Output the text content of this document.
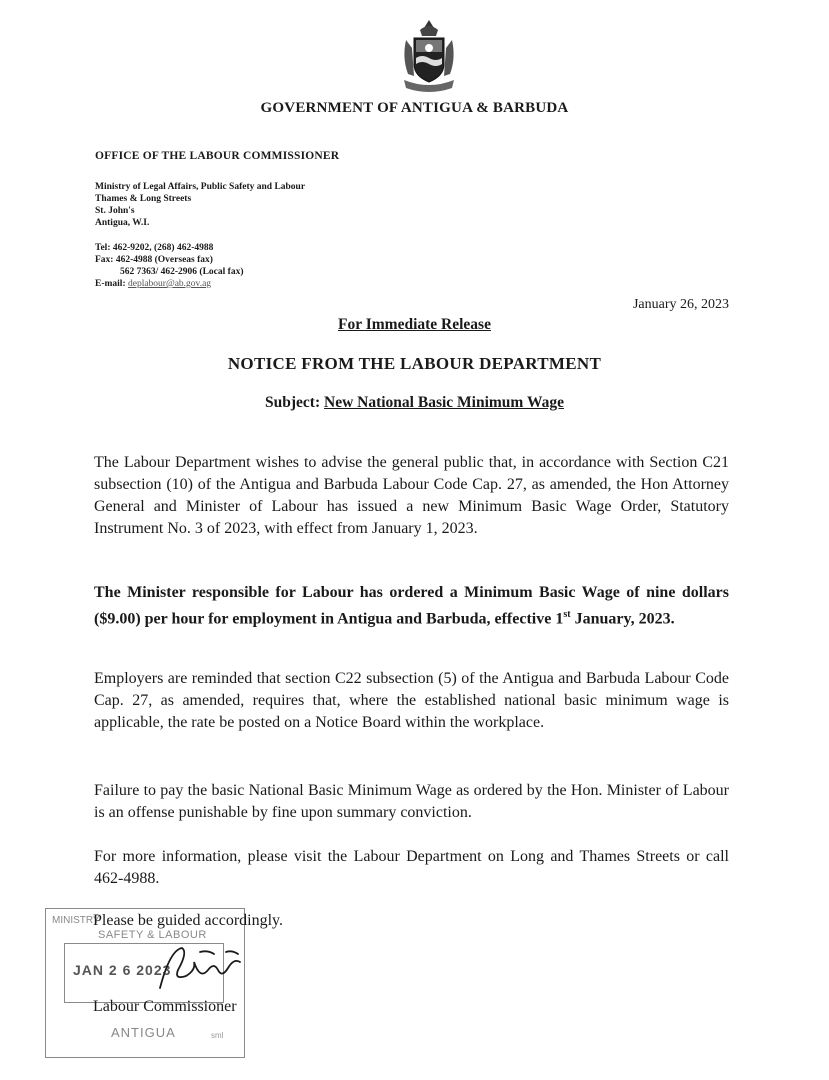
GOVERNMENT OF ANTIGUA & BARBUDA
OFFICE OF THE LABOUR COMMISSIONER
Ministry of Legal Affairs, Public Safety and Labour
Thames & Long Streets
St. John's
Antigua, W.I.
Tel: 462-9202, (268) 462-4988
Fax: 462-4988 (Overseas fax)
562 7363/ 462-2906 (Local fax)
E-mail: deplabour@ab.gov.ag
January 26, 2023
For Immediate Release
NOTICE FROM THE LABOUR DEPARTMENT
Subject: New National Basic Minimum Wage
The Labour Department wishes to advise the general public that, in accordance with Section C21 subsection (10) of the Antigua and Barbuda Labour Code Cap. 27, as amended, the Hon Attorney General and Minister of Labour has issued a new Minimum Basic Wage Order, Statutory Instrument No. 3 of 2023, with effect from January 1, 2023.
The Minister responsible for Labour has ordered a Minimum Basic Wage of nine dollars ($9.00) per hour for employment in Antigua and Barbuda, effective 1st January, 2023.
Employers are reminded that section C22 subsection (5) of the Antigua and Barbuda Labour Code Cap. 27, as amended, requires that, where the established national basic minimum wage is applicable, the rate be posted on a Notice Board within the workplace.
Failure to pay the basic National Basic Minimum Wage as ordered by the Hon. Minister of Labour is an offense punishable by fine upon summary conviction.
For more information, please visit the Labour Department on Long and Thames Streets or call 462-4988.
MINISTRY
SAFETY & LABOUR
JAN 2 6 2023
ANTIGUA	sml
Please be guided accordingly.
Labour Commissioner
